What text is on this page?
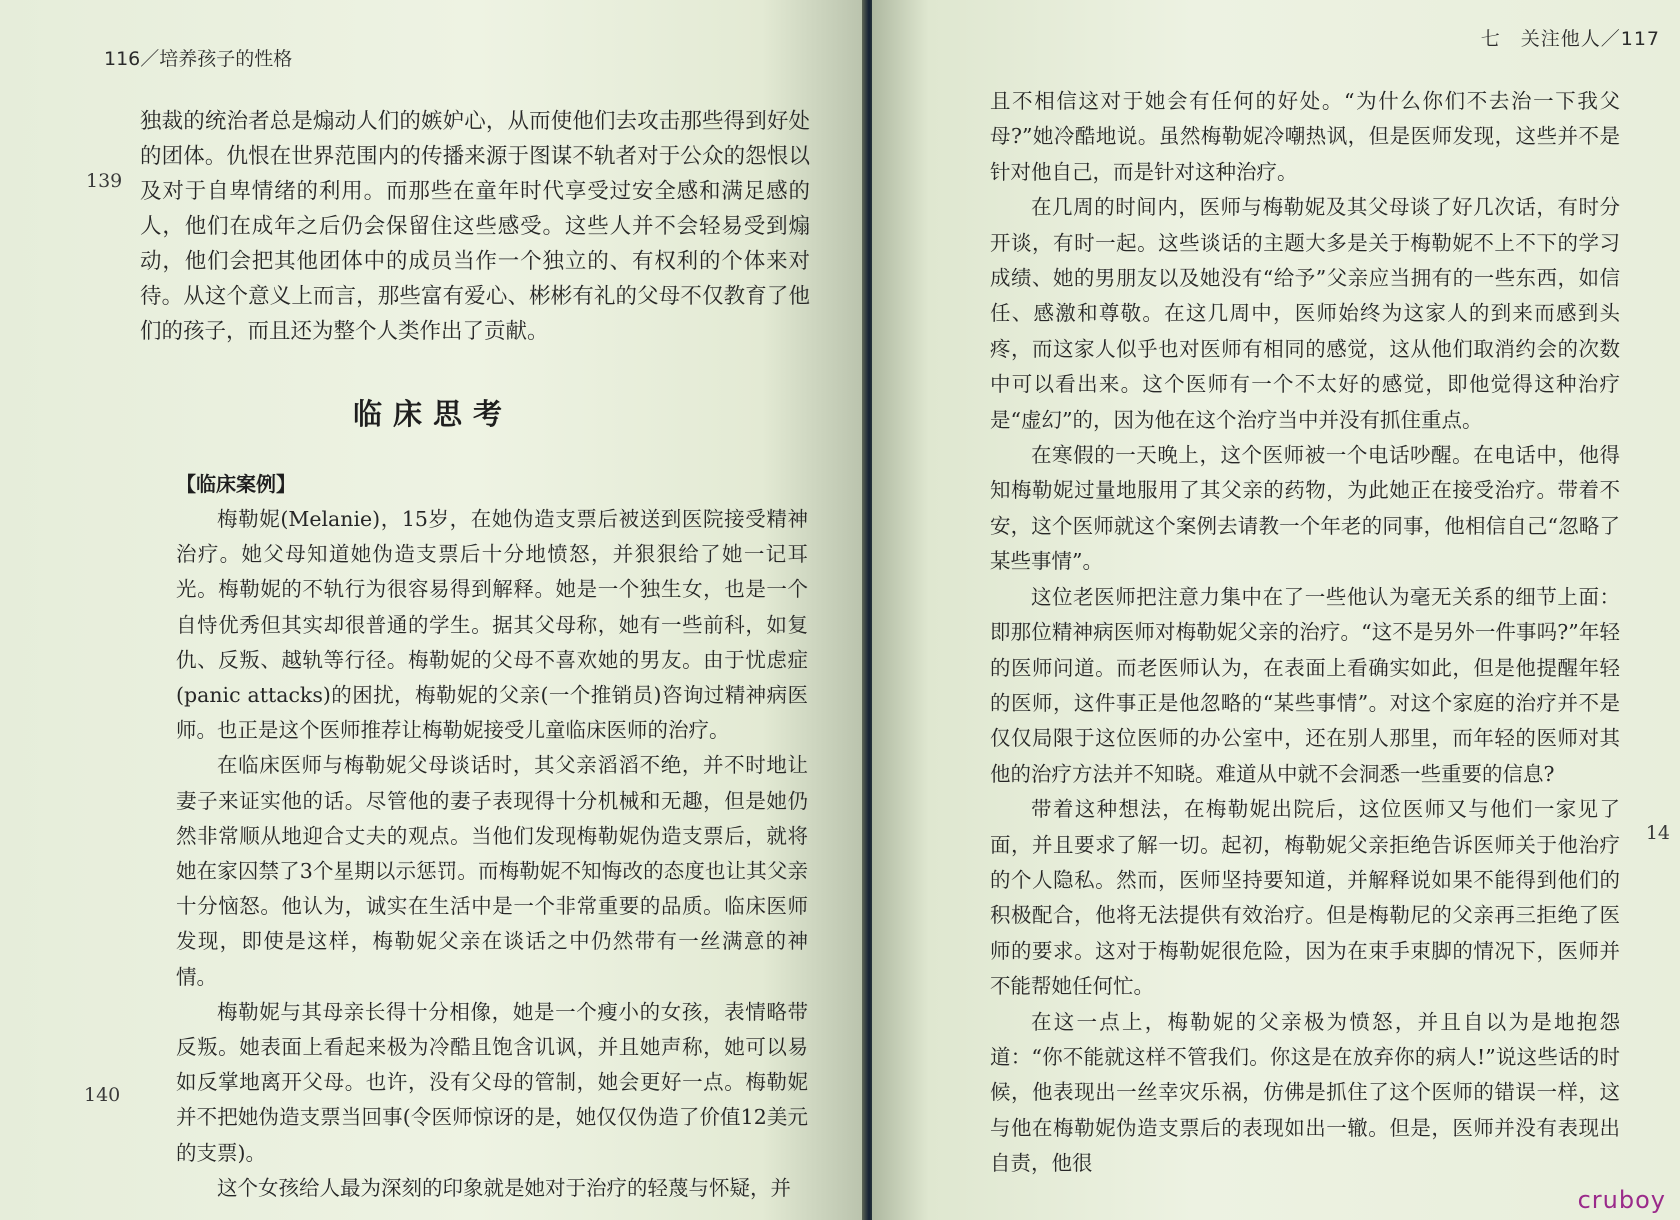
116／培养孩子的性格
139
140

独裁的统治者总是煽动人们的嫉妒心，从而使他们去攻击那些得到好处的团体。仇恨在世界范围内的传播来源于图谋不轨者对于公众的怨恨以及对于自卑情绪的利用。而那些在童年时代享受过安全感和满足感的人，他们在成年之后仍会保留住这些感受。这些人并不会轻易受到煽动，他们会把其他团体中的成员当作一个独立的、有权利的个体来对待。从这个意义上而言，那些富有爱心、彬彬有礼的父母不仅教育了他们的孩子，而且还为整个人类作出了贡献。

临床思考
【临床案例】

梅勒妮(Melanie)，15岁，在她伪造支票后被送到医院接受精神治疗。她父母知道她伪造支票后十分地愤怒，并狠狠给了她一记耳光。梅勒妮的不轨行为很容易得到解释。她是一个独生女，也是一个自恃优秀但其实却很普通的学生。据其父母称，她有一些前科，如复仇、反叛、越轨等行径。梅勒妮的父母不喜欢她的男友。由于忧虑症(panic attacks)的困扰，梅勒妮的父亲(一个推销员)咨询过精神病医师。也正是这个医师推荐让梅勒妮接受儿童临床医师的治疗。

在临床医师与梅勒妮父母谈话时，其父亲滔滔不绝，并不时地让妻子来证实他的话。尽管他的妻子表现得十分机械和无趣，但是她仍然非常顺从地迎合丈夫的观点。当他们发现梅勒妮伪造支票后，就将她在家囚禁了3个星期以示惩罚。而梅勒妮不知悔改的态度也让其父亲十分恼怒。他认为，诚实在生活中是一个非常重要的品质。临床医师发现，即使是这样，梅勒妮父亲在谈话之中仍然带有一丝满意的神情。

梅勒妮与其母亲长得十分相像，她是一个瘦小的女孩，表情略带反叛。她表面上看起来极为冷酷且饱含讥讽，并且她声称，她可以易如反掌地离开父母。也许，没有父母的管制，她会更好一点。梅勒妮并不把她伪造支票当回事(令医师惊讶的是，她仅仅伪造了价值12美元的支票)。

这个女孩给人最为深刻的印象就是她对于治疗的轻蔑与怀疑，并

七　关注他人／117
14

且不相信这对于她会有任何的好处。“为什么你们不去治一下我父母?”她冷酷地说。虽然梅勒妮冷嘲热讽，但是医师发现，这些并不是针对他自己，而是针对这种治疗。

在几周的时间内，医师与梅勒妮及其父母谈了好几次话，有时分开谈，有时一起。这些谈话的主题大多是关于梅勒妮不上不下的学习成绩、她的男朋友以及她没有“给予”父亲应当拥有的一些东西，如信任、感激和尊敬。在这几周中，医师始终为这家人的到来而感到头疼，而这家人似乎也对医师有相同的感觉，这从他们取消约会的次数中可以看出来。这个医师有一个不太好的感觉，即他觉得这种治疗是“虚幻”的，因为他在这个治疗当中并没有抓住重点。

在寒假的一天晚上，这个医师被一个电话吵醒。在电话中，他得知梅勒妮过量地服用了其父亲的药物，为此她正在接受治疗。带着不安，这个医师就这个案例去请教一个年老的同事，他相信自己“忽略了某些事情”。

这位老医师把注意力集中在了一些他认为毫无关系的细节上面：即那位精神病医师对梅勒妮父亲的治疗。“这不是另外一件事吗?”年轻的医师问道。而老医师认为，在表面上看确实如此，但是他提醒年轻的医师，这件事正是他忽略的“某些事情”。对这个家庭的治疗并不是仅仅局限于这位医师的办公室中，还在别人那里，而年轻的医师对其他的治疗方法并不知晓。难道从中就不会洞悉一些重要的信息?

带着这种想法，在梅勒妮出院后，这位医师又与他们一家见了面，并且要求了解一切。起初，梅勒妮父亲拒绝告诉医师关于他治疗的个人隐私。然而，医师坚持要知道，并解释说如果不能得到他们的积极配合，他将无法提供有效治疗。但是梅勒尼的父亲再三拒绝了医师的要求。这对于梅勒妮很危险，因为在束手束脚的情况下，医师并不能帮她任何忙。

在这一点上，梅勒妮的父亲极为愤怒，并且自以为是地抱怨道：“你不能就这样不管我们。你这是在放弃你的病人!”说这些话的时候，他表现出一丝幸灾乐祸，仿佛是抓住了这个医师的错误一样，这与他在梅勒妮伪造支票后的表现如出一辙。但是，医师并没有表现出自责，他很

cruboy
